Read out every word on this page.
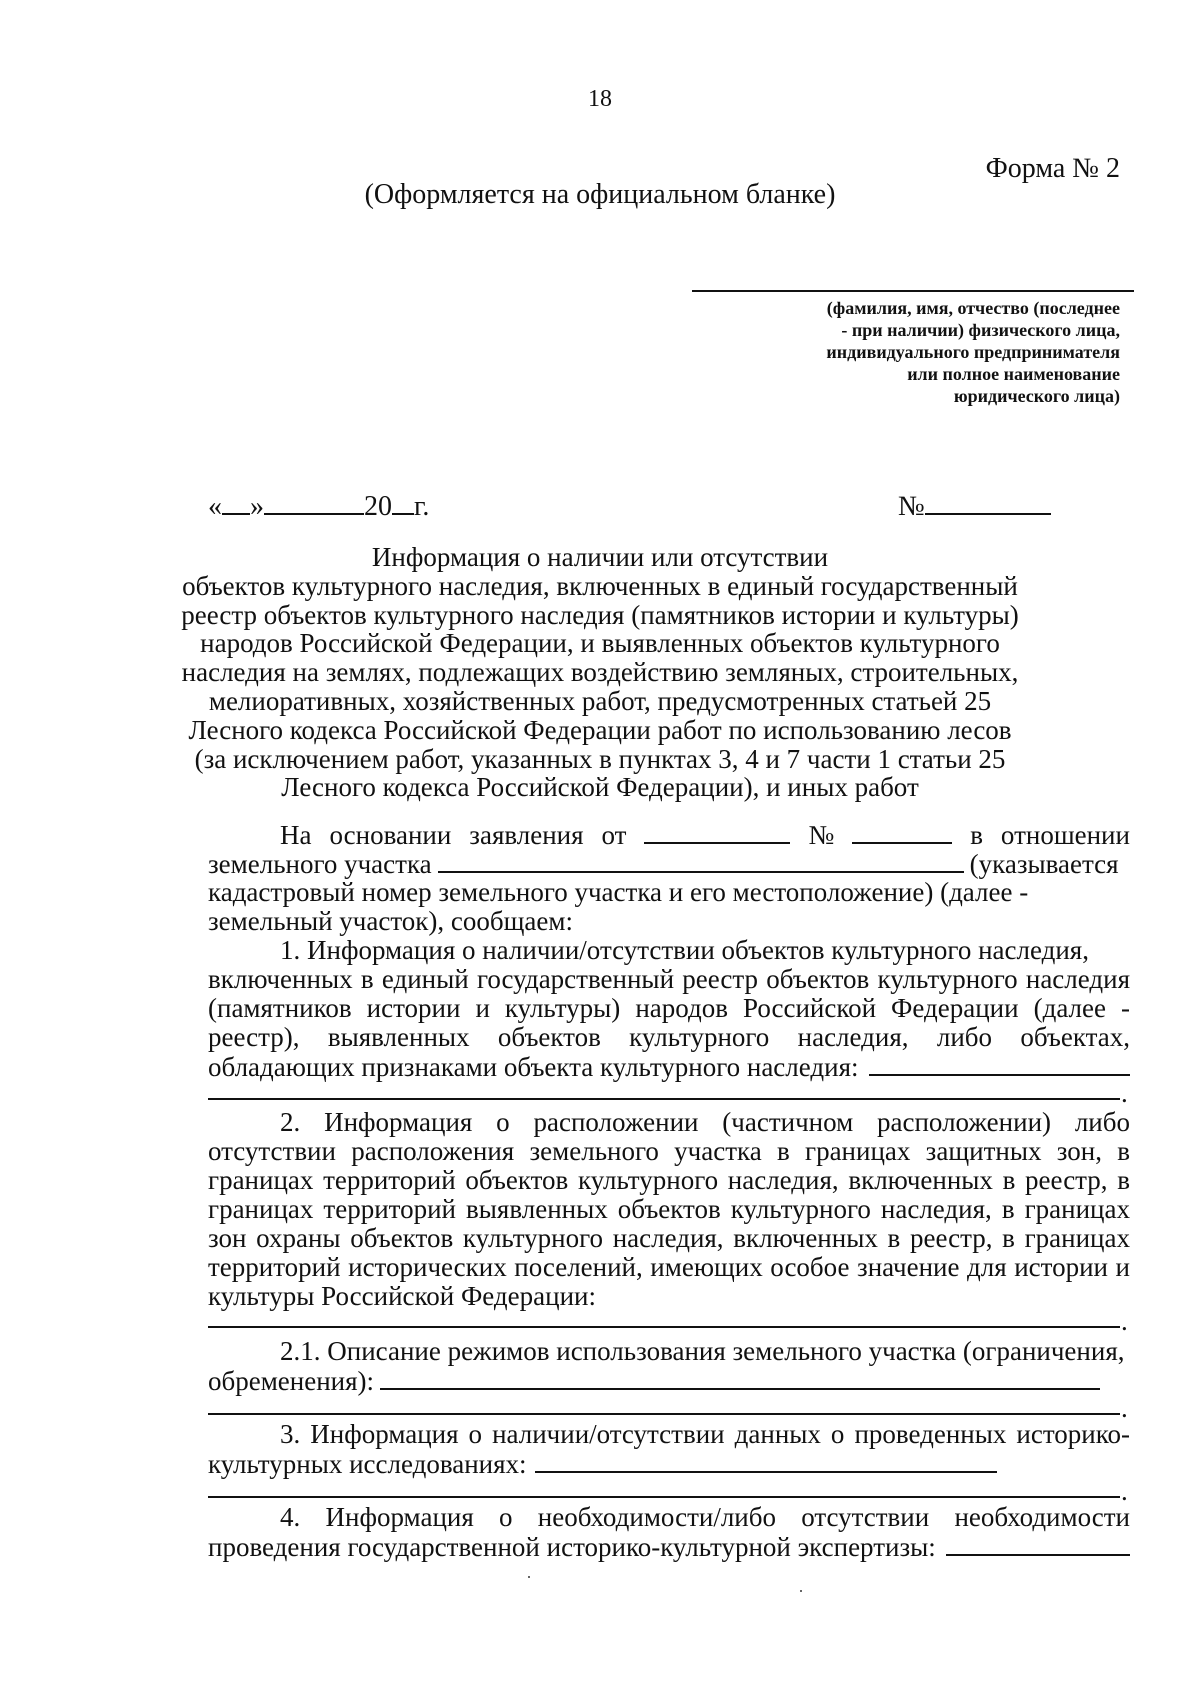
18
Форма № 2
(Оформляется на официальном бланке)
(фамилия, имя, отчество (последнее
- при наличии) физического лица,
индивидуального предпринимателя
или полное наименование
юридического лица)
« »	20 г.	№
Информация о наличии или отсутствии
объектов культурного наследия, включенных в единый государственный
реестр объектов культурного наследия (памятников истории и культуры)
народов Российской Федерации, и выявленных объектов культурного
наследия на землях, подлежащих воздействию земляных, строительных,
мелиоративных, хозяйственных работ, предусмотренных статьей 25
Лесного кодекса Российской Федерации работ по использованию лесов
(за исключением работ, указанных в пунктах 3, 4 и 7 части 1 статьи 25
Лесного кодекса Российской Федерации), и иных работ
На основании заявления от	№	в отношении
земельного участка	(указывается
кадастровый номер земельного участка и его местоположение) (далее -
земельный участок), сообщаем:
1. Информация о наличии/отсутствии объектов культурного наследия,
включенных в единый государственный реестр объектов культурного наследия
(памятников истории и культуры) народов Российской Федерации (далее -
реестр), выявленных объектов культурного наследия, либо объектах,
обладающих признаками объекта культурного наследия:
.
2. Информация о расположении (частичном расположении) либо
отсутствии расположения земельного участка в границах защитных зон, в
границах территорий объектов культурного наследия, включенных в реестр, в
границах территорий выявленных объектов культурного наследия, в границах
зон охраны объектов культурного наследия, включенных в реестр, в границах
территорий исторических поселений, имеющих особое значение для истории и
культуры Российской Федерации:
.
2.1. Описание режимов использования земельного участка (ограничения,
обременения):
.
3. Информация о наличии/отсутствии данных о проведенных историко-
культурных исследованиях:
.
4. Информация о необходимости/либо отсутствии необходимости
проведения государственной историко-культурной экспертизы:
